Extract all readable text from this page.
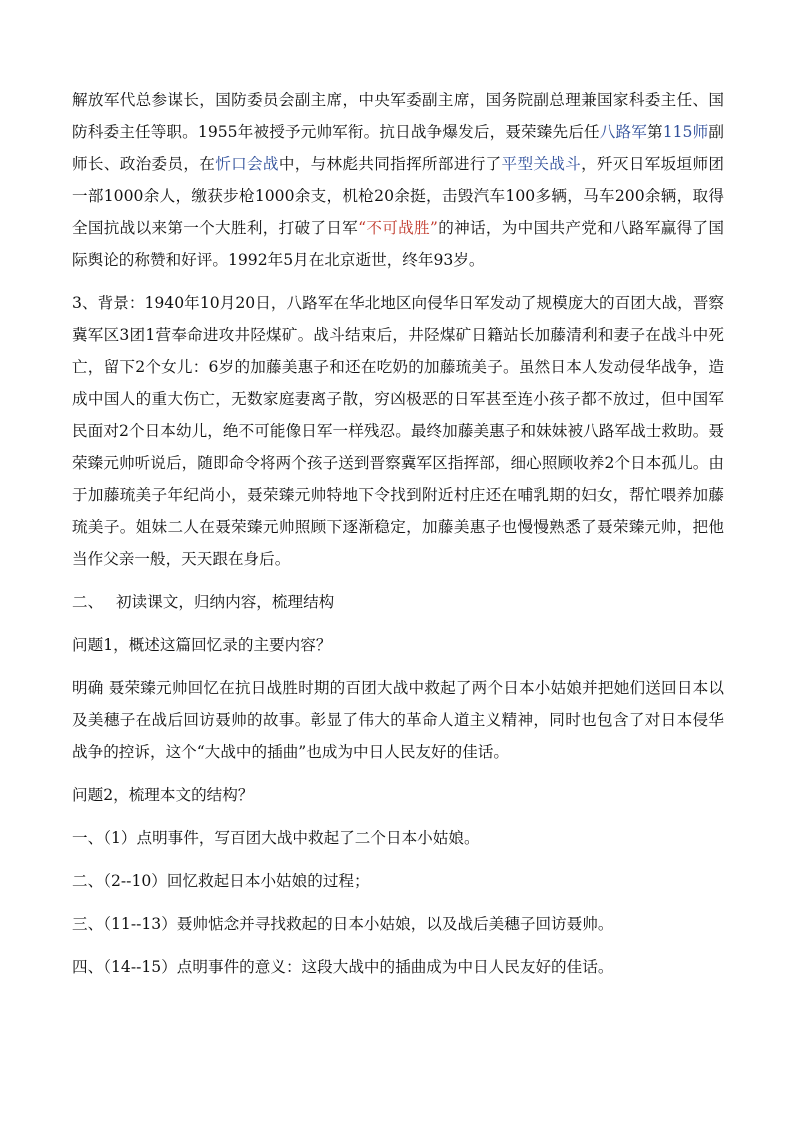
解放军代总参谋长，国防委员会副主席，中央军委副主席，国务院副总理兼国家科委主任、国防科委主任等职。1955年被授予元帅军衔。抗日战争爆发后，聂荣臻先后任八路军第115师副师长、政治委员，在忻口会战中，与林彪共同指挥所部进行了平型关战斗，歼灭日军坂垣师团一部1000余人，缴获步枪1000余支，机枪20余挺，击毁汽车100多辆，马车200余辆，取得全国抗战以来第一个大胜利，打破了日军“不可战胜”的神话，为中国共产党和八路军赢得了国际舆论的称赞和好评。1992年5月在北京逝世，终年93岁。

3、背景：1940年10月20日，八路军在华北地区向侵华日军发动了规模庞大的百团大战，晋察冀军区3团1营奉命进攻井陉煤矿。战斗结束后，井陉煤矿日籍站长加藤清利和妻子在战斗中死亡，留下2个女儿：6岁的加藤美惠子和还在吃奶的加藤琉美子。虽然日本人发动侵华战争，造成中国人的重大伤亡，无数家庭妻离子散，穷凶极恶的日军甚至连小孩子都不放过，但中国军民面对2个日本幼儿，绝不可能像日军一样残忍。最终加藤美惠子和妹妹被八路军战士救助。聂荣臻元帅听说后，随即命令将两个孩子送到晋察冀军区指挥部，细心照顾收养2个日本孤儿。由于加藤琉美子年纪尚小，聂荣臻元帅特地下令找到附近村庄还在哺乳期的妇女，帮忙喂养加藤琉美子。姐妹二人在聂荣臻元帅照顾下逐渐稳定，加藤美惠子也慢慢熟悉了聂荣臻元帅，把他当作父亲一般，天天跟在身后。

二、　 初读课文，归纳内容，梳理结构

问题1，概述这篇回忆录的主要内容？

明确 聂荣臻元帅回忆在抗日战胜时期的百团大战中救起了两个日本小姑娘并把她们送回日本以及美穗子在战后回访聂帅的故事。彰显了伟大的革命人道主义精神，同时也包含了对日本侵华战争的控诉，这个“大战中的插曲”也成为中日人民友好的佳话。

问题2，梳理本文的结构？

一、（1）点明事件，写百团大战中救起了二个日本小姑娘。

二、（2--10）回忆救起日本小姑娘的过程；

三、（11--13）聂帅惦念并寻找救起的日本小姑娘，以及战后美穗子回访聂帅。

四、（14--15）点明事件的意义：这段大战中的插曲成为中日人民友好的佳话。
